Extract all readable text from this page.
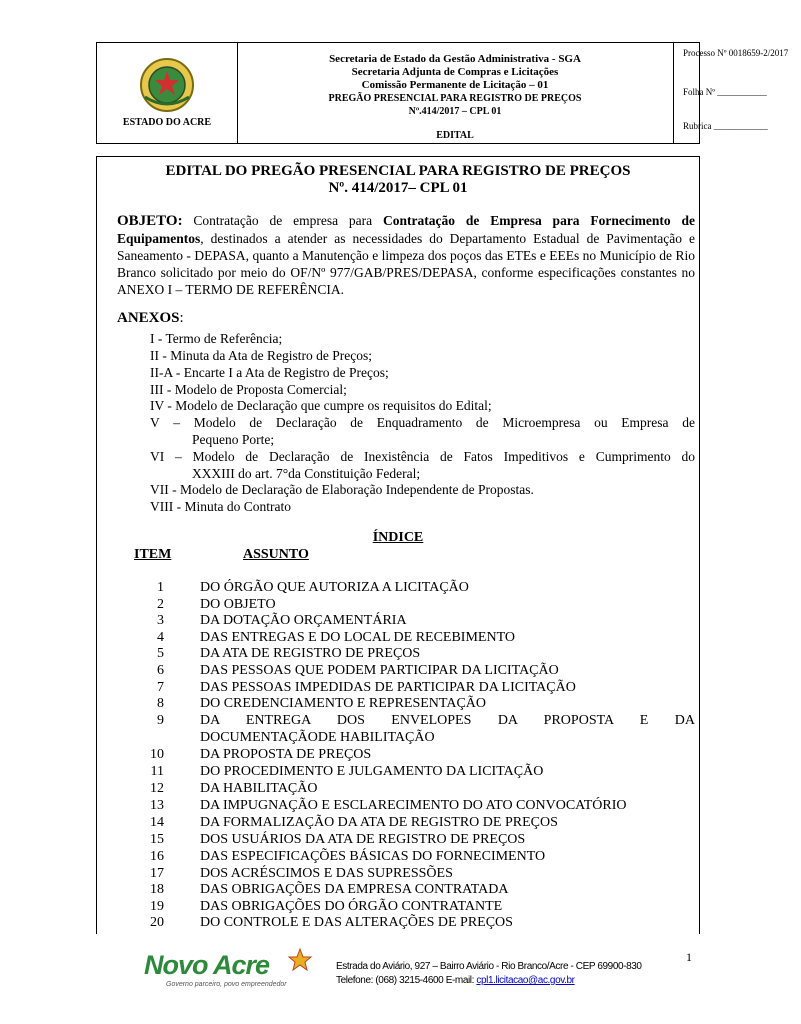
ESTADO DO ACRE
Secretaria de Estado da Gestão Administrativa - SGA
Secretaria Adjunta de Compras e Licitações
Comissão Permanente de Licitação – 01
PREGÃO PRESENCIAL PARA REGISTRO DE PREÇOS
Nº.414/2017 – CPL 01
EDITAL
Processo Nº 0018659-2/2017
Folha Nº ___________
Rubrica ____________
EDITAL DO PREGÃO PRESENCIAL PARA REGISTRO DE PREÇOS
Nº. 414/2017– CPL 01
OBJETO: Contratação de empresa para Contratação de Empresa para Fornecimento de Equipamentos, destinados a atender as necessidades do Departamento Estadual de Pavimentação e Saneamento - DEPASA, quanto a Manutenção e limpeza dos poços das ETEs e EEEs no Município de Rio Branco solicitado por meio do OF/Nº 977/GAB/PRES/DEPASA, conforme especificações constantes no ANEXO I – TERMO DE REFERÊNCIA.
ANEXOS:
I - Termo de Referência;
II - Minuta da Ata de Registro de Preços;
II-A - Encarte I a Ata de Registro de Preços;
III - Modelo de Proposta Comercial;
IV - Modelo de Declaração que cumpre os requisitos do Edital;
V – Modelo de Declaração de Enquadramento de Microempresa ou Empresa de
Pequeno Porte;
VI – Modelo de Declaração de Inexistência de Fatos Impeditivos e Cumprimento do
XXXIII do art. 7°da Constituição Federal;
VII - Modelo de Declaração de Elaboração Independente de Propostas.
VIII - Minuta do Contrato
ÍNDICE
ITEM	ASSUNTO
1	DO ÓRGÃO QUE AUTORIZA A LICITAÇÃO
2	DO OBJETO
3	DA DOTAÇÃO ORÇAMENTÁRIA
4	DAS ENTREGAS E DO LOCAL DE RECEBIMENTO
5	DA ATA DE REGISTRO DE PREÇOS
6	DAS PESSOAS QUE PODEM PARTICIPAR DA LICITAÇÃO
7	DAS PESSOAS IMPEDIDAS DE PARTICIPAR DA LICITAÇÃO
8	DO CREDENCIAMENTO E REPRESENTAÇÃO
9	DA ENTREGA DOS ENVELOPES DA PROPOSTA E DA
DOCUMENTAÇÃODE HABILITAÇÃO
10	DA PROPOSTA DE PREÇOS
11	DO PROCEDIMENTO E JULGAMENTO DA LICITAÇÃO
12	DA HABILITAÇÃO
13	DA IMPUGNAÇÃO E ESCLARECIMENTO DO ATO CONVOCATÓRIO
14	DA FORMALIZAÇÃO DA ATA DE REGISTRO DE PREÇOS
15	DOS USUÁRIOS DA ATA DE REGISTRO DE PREÇOS
16	DAS ESPECIFICAÇÕES BÁSICAS DO FORNECIMENTO
17	DOS ACRÉSCIMOS E DAS SUPRESSÕES
18	DAS OBRIGAÇÕES DA EMPRESA CONTRATADA
19	DAS OBRIGAÇÕES DO ÓRGÃO CONTRATANTE
20	DO CONTROLE E DAS ALTERAÇÕES DE PREÇOS
1
Novo Acre
Governo parceiro, povo empreendedor
Estrada do Aviário, 927 – Bairro Aviário - Rio Branco/Acre - CEP 69900-830
Telefone: (068) 3215-4600 E-mail: cpl1.licitacao@ac.gov.br
